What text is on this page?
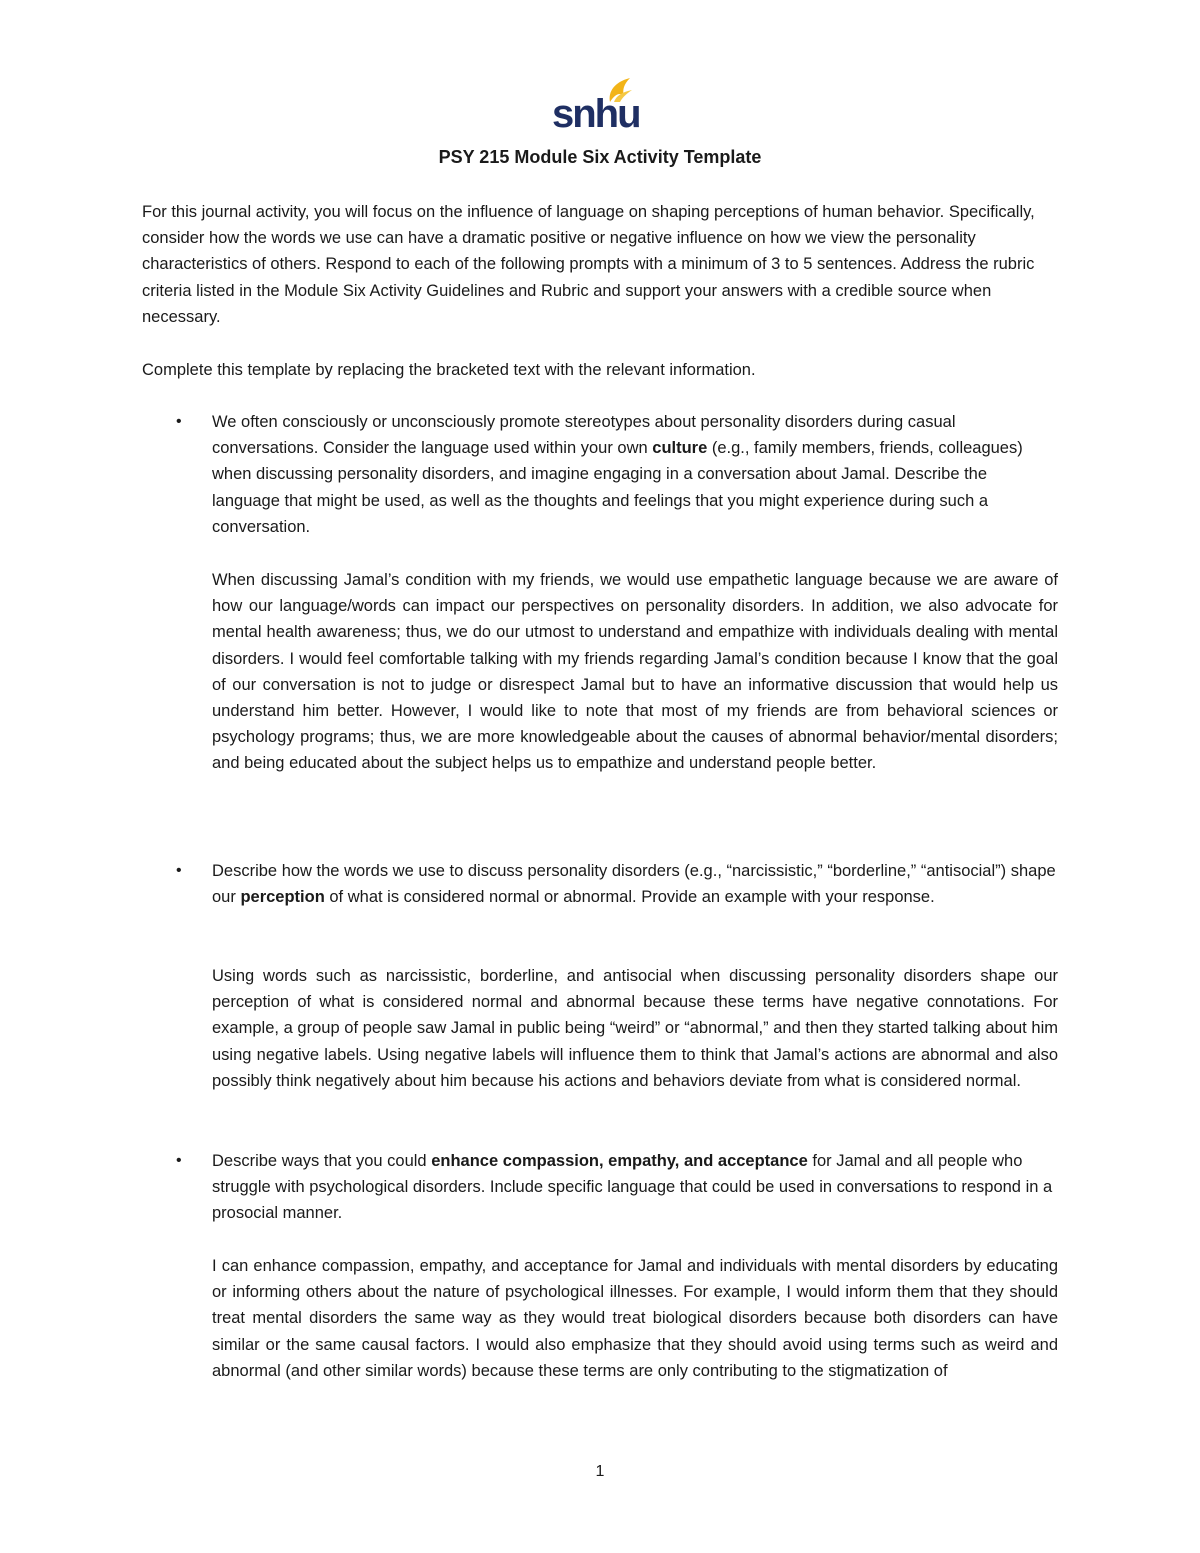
snhu
PSY 215 Module Six Activity Template
For this journal activity, you will focus on the influence of language on shaping perceptions of human behavior. Specifically, consider how the words we use can have a dramatic positive or negative influence on how we view the personality characteristics of others. Respond to each of the following prompts with a minimum of 3 to 5 sentences. Address the rubric criteria listed in the Module Six Activity Guidelines and Rubric and support your answers with a credible source when necessary.
Complete this template by replacing the bracketed text with the relevant information.
• We often consciously or unconsciously promote stereotypes about personality disorders during casual conversations. Consider the language used within your own culture (e.g., family members, friends, colleagues) when discussing personality disorders, and imagine engaging in a conversation about Jamal. Describe the language that might be used, as well as the thoughts and feelings that you might experience during such a conversation.
When discussing Jamal’s condition with my friends, we would use empathetic language because we are aware of how our language/words can impact our perspectives on personality disorders. In addition, we also advocate for mental health awareness; thus, we do our utmost to understand and empathize with individuals dealing with mental disorders. I would feel comfortable talking with my friends regarding Jamal’s condition because I know that the goal of our conversation is not to judge or disrespect Jamal but to have an informative discussion that would help us understand him better. However, I would like to note that most of my friends are from behavioral sciences or psychology programs; thus, we are more knowledgeable about the causes of abnormal behavior/mental disorders; and being educated about the subject helps us to empathize and understand people better.
• Describe how the words we use to discuss personality disorders (e.g., “narcissistic,” “borderline,” “antisocial”) shape our perception of what is considered normal or abnormal. Provide an example with your response.
Using words such as narcissistic, borderline, and antisocial when discussing personality disorders shape our perception of what is considered normal and abnormal because these terms have negative connotations. For example, a group of people saw Jamal in public being “weird” or “abnormal,” and then they started talking about him using negative labels. Using negative labels will influence them to think that Jamal’s actions are abnormal and also possibly think negatively about him because his actions and behaviors deviate from what is considered normal.
• Describe ways that you could enhance compassion, empathy, and acceptance for Jamal and all people who struggle with psychological disorders. Include specific language that could be used in conversations to respond in a prosocial manner.
I can enhance compassion, empathy, and acceptance for Jamal and individuals with mental disorders by educating or informing others about the nature of psychological illnesses. For example, I would inform them that they should treat mental disorders the same way as they would treat biological disorders because both disorders can have similar or the same causal factors. I would also emphasize that they should avoid using terms such as weird and abnormal (and other similar words) because these terms are only contributing to the stigmatization of
1
